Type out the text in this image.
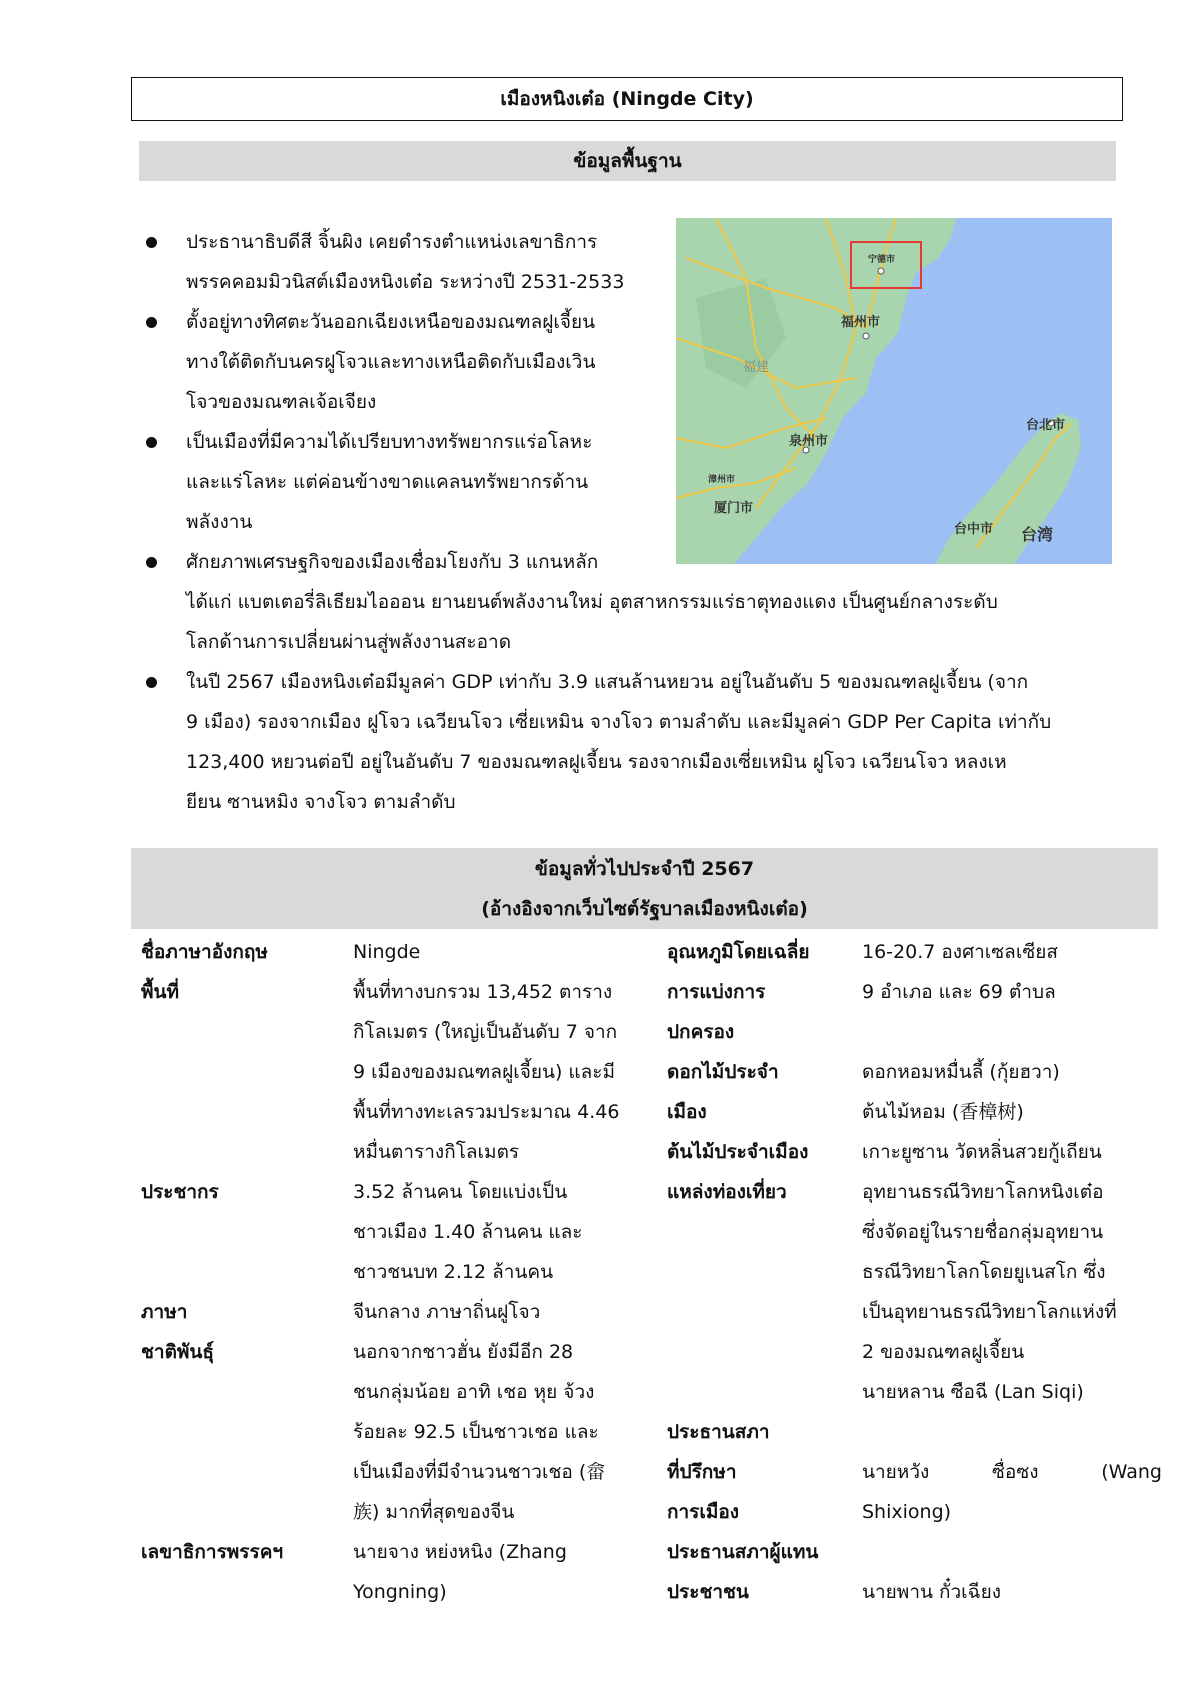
เมืองหนิงเต๋อ (Ningde City)
ข้อมูลพื้นฐาน
ประธานาธิบดีสี จิ้นผิง เคยดำรงตำแหน่งเลขาธิการ
พรรคคอมมิวนิสต์เมืองหนิงเต๋อ ระหว่างปี 2531-2533
ตั้งอยู่ทางทิศตะวันออกเฉียงเหนือของมณฑลฝูเจี้ยน
ทางใต้ติดกับนครฝูโจวและทางเหนือติดกับเมืองเวิน
โจวของมณฑลเจ้อเจียง
เป็นเมืองที่มีความได้เปรียบทางทรัพยากรแร่อโลหะ
และแร่โลหะ แต่ค่อนข้างขาดแคลนทรัพยากรด้าน
พลังงาน
ศักยภาพเศรษฐกิจของเมืองเชื่อมโยงกับ 3 แกนหลัก
ได้แก่ แบตเตอรี่ลิเธียมไอออน ยานยนต์พลังงานใหม่ อุตสาหกรรมแร่ธาตุทองแดง เป็นศูนย์กลางระดับ
โลกด้านการเปลี่ยนผ่านสู่พลังงานสะอาด
ในปี 2567 เมืองหนิงเต๋อมีมูลค่า GDP เท่ากับ 3.9 แสนล้านหยวน อยู่ในอันดับ 5 ของมณฑลฝูเจี้ยน (จาก
9 เมือง) รองจากเมือง ฝูโจว เฉวียนโจว เซี่ยเหมิน จางโจว ตามลำดับ และมีมูลค่า GDP Per Capita เท่ากับ
123,400 หยวนต่อปี อยู่ในอันดับ 7 ของมณฑลฝูเจี้ยน รองจากเมืองเซี่ยเหมิน ฝูโจว เฉวียนโจว หลงเห
ยียน ซานหมิง จางโจว ตามลำดับ
宁德市
福州市
福建
泉州市
漳州市
厦门市
台北市
台中市 台湾
ข้อมูลทั่วไปประจำปี 2567
(อ้างอิงจากเว็บไซต์รัฐบาลเมืองหนิงเต๋อ)
ชื่อภาษาอังกฤษ
พื้นที่

ประชากร

ภาษา
ชาติพันธุ์

เลขาธิการพรรคฯ

Ningde
พื้นที่ทางบกรวม 13,452 ตาราง
กิโลเมตร (ใหญ่เป็นอันดับ 7 จาก
9 เมืองของมณฑลฝูเจี้ยน) และมี
พื้นที่ทางทะเลรวมประมาณ 4.46
หมื่นตารางกิโลเมตร
3.52 ล้านคน โดยแบ่งเป็น
ชาวเมือง 1.40 ล้านคน และ
ชาวชนบท 2.12 ล้านคน
จีนกลาง ภาษาถิ่นฝูโจว
นอกจากชาวฮั่น ยังมีอีก 28
ชนกลุ่มน้อย อาทิ เชอ หุย จ้วง
ร้อยละ 92.5 เป็นชาวเชอ และ
เป็นเมืองที่มีจำนวนชาวเชอ (畲
族) มากที่สุดของจีน
นายจาง หย่งหนิง (Zhang
Yongning)
อุณหภูมิโดยเฉลี่ย
การแบ่งการ
ปกครอง
ดอกไม้ประจำ
เมือง
ต้นไม้ประจำเมือง
แหล่งท่องเที่ยว

ประธานสภา
ที่ปรึกษา
การเมือง
ประธานสภาผู้แทน
ประชาชน
16-20.7 องศาเซลเซียส
9 อำเภอ และ 69 ตำบล

ดอกหอมหมื่นลี้ (กุ้ยฮวา)
ต้นไม้หอม (香樟树)
เกาะยูซาน วัดหลิ่นสวยกู้เถียน
อุทยานธรณีวิทยาโลกหนิงเต๋อ
ซึ่งจัดอยู่ในรายชื่อกลุ่มอุทยาน
ธรณีวิทยาโลกโดยยูเนสโก ซึ่ง
เป็นอุทยานธรณีวิทยาโลกแห่งที่
2 ของมณฑลฝูเจี้ยน
นายหลาน ซือฉี (Lan Siqi)

นายหวัง ซื่อซง (Wang
Shixiong)

นายพาน กั๋วเฉียง
